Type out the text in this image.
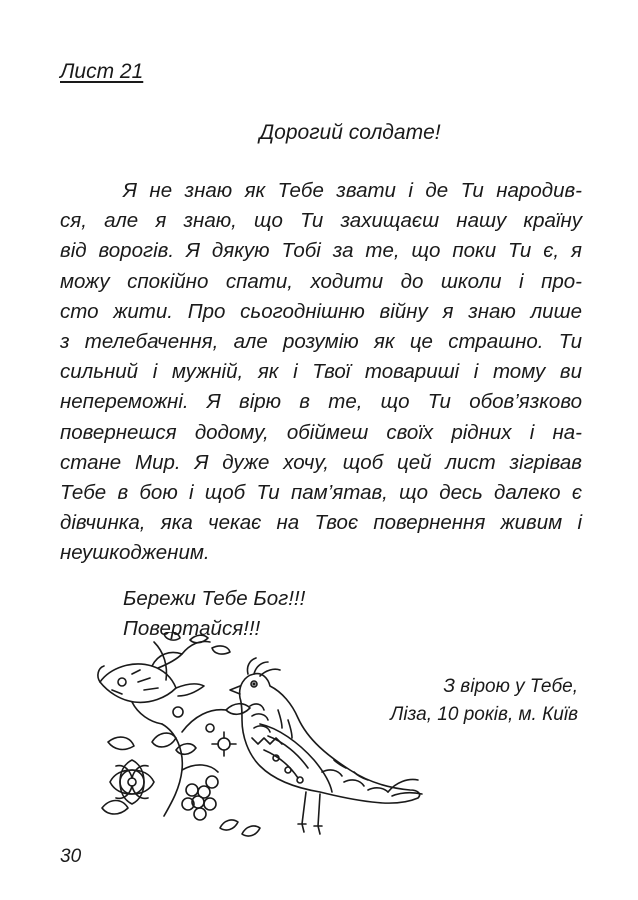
Лист 21
Дорогий солдате!
Я не знаю як Тебе звати і де Ти народив-
ся, але я знаю, що Ти захищаєш нашу країну
від ворогів. Я дякую Тобі за те, що поки Ти є, я
можу спокійно спати, ходити до школи і про-
сто жити. Про сьогоднішню війну я знаю лише
з телебачення, але розумію як це страшно. Ти
сильний і мужній, як і Твої товариші і тому ви
непереможні. Я вірю в те, що Ти обов’язково
повернешся додому, обіймеш своїх рідних і на-
стане Мир. Я дуже хочу, щоб цей лист зігрівав
Тебе в бою і щоб Ти пам’ятав, що десь далеко є
дівчинка, яка чекає на Твоє повернення живим і
неушкодженим.
Бережи Тебе Бог!!!
Повертайся!!!
З вірою у Тебе,
Ліза, 10 років, м. Київ
30
